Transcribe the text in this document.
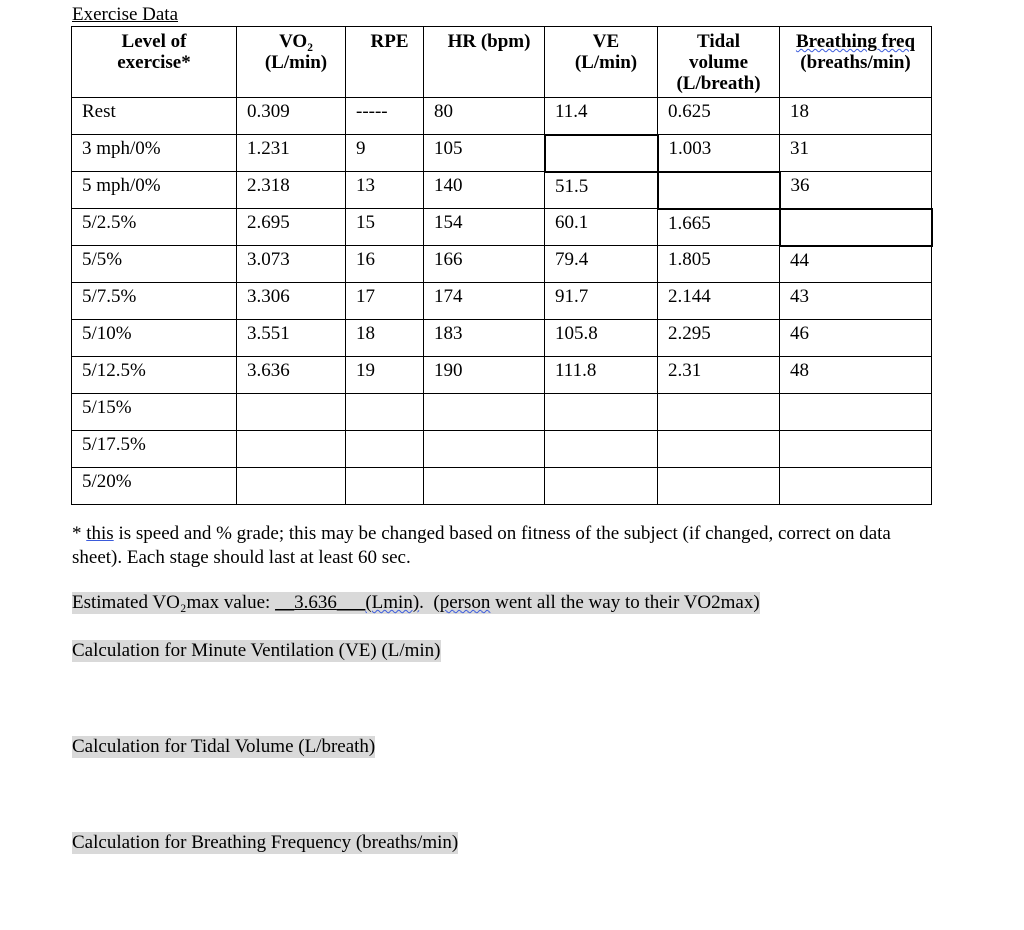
Exercise Data
Level of
exercise*	VO₂
(L/min)	RPE	HR (bpm)	VE
(L/min)	Tidal
volume
(L/breath)	Breathing freq
(breaths/min)
Rest	0.309	-----	80	11.4	0.625	18
3 mph/0%	1.231	9	105		1.003	31
5 mph/0%	2.318	13	140	51.5		36
5/2.5%	2.695	15	154	60.1	1.665	
5/5%	3.073	16	166	79.4	1.805	44
5/7.5%	3.306	17	174	91.7	2.144	43
5/10%	3.551	18	183	105.8	2.295	46
5/12.5%	3.636	19	190	111.8	2.31	48
5/15%						
5/17.5%						
5/20%						
* this is speed and % grade; this may be changed based on fitness of the subject (if changed, correct on data sheet). Each stage should last at least 60 sec.
Estimated VO₂max value: __3.636___(Lmin).  (person went all the way to their VO2max)
Calculation for Minute Ventilation (VE) (L/min)
Calculation for Tidal Volume (L/breath)
Calculation for Breathing Frequency (breaths/min)
